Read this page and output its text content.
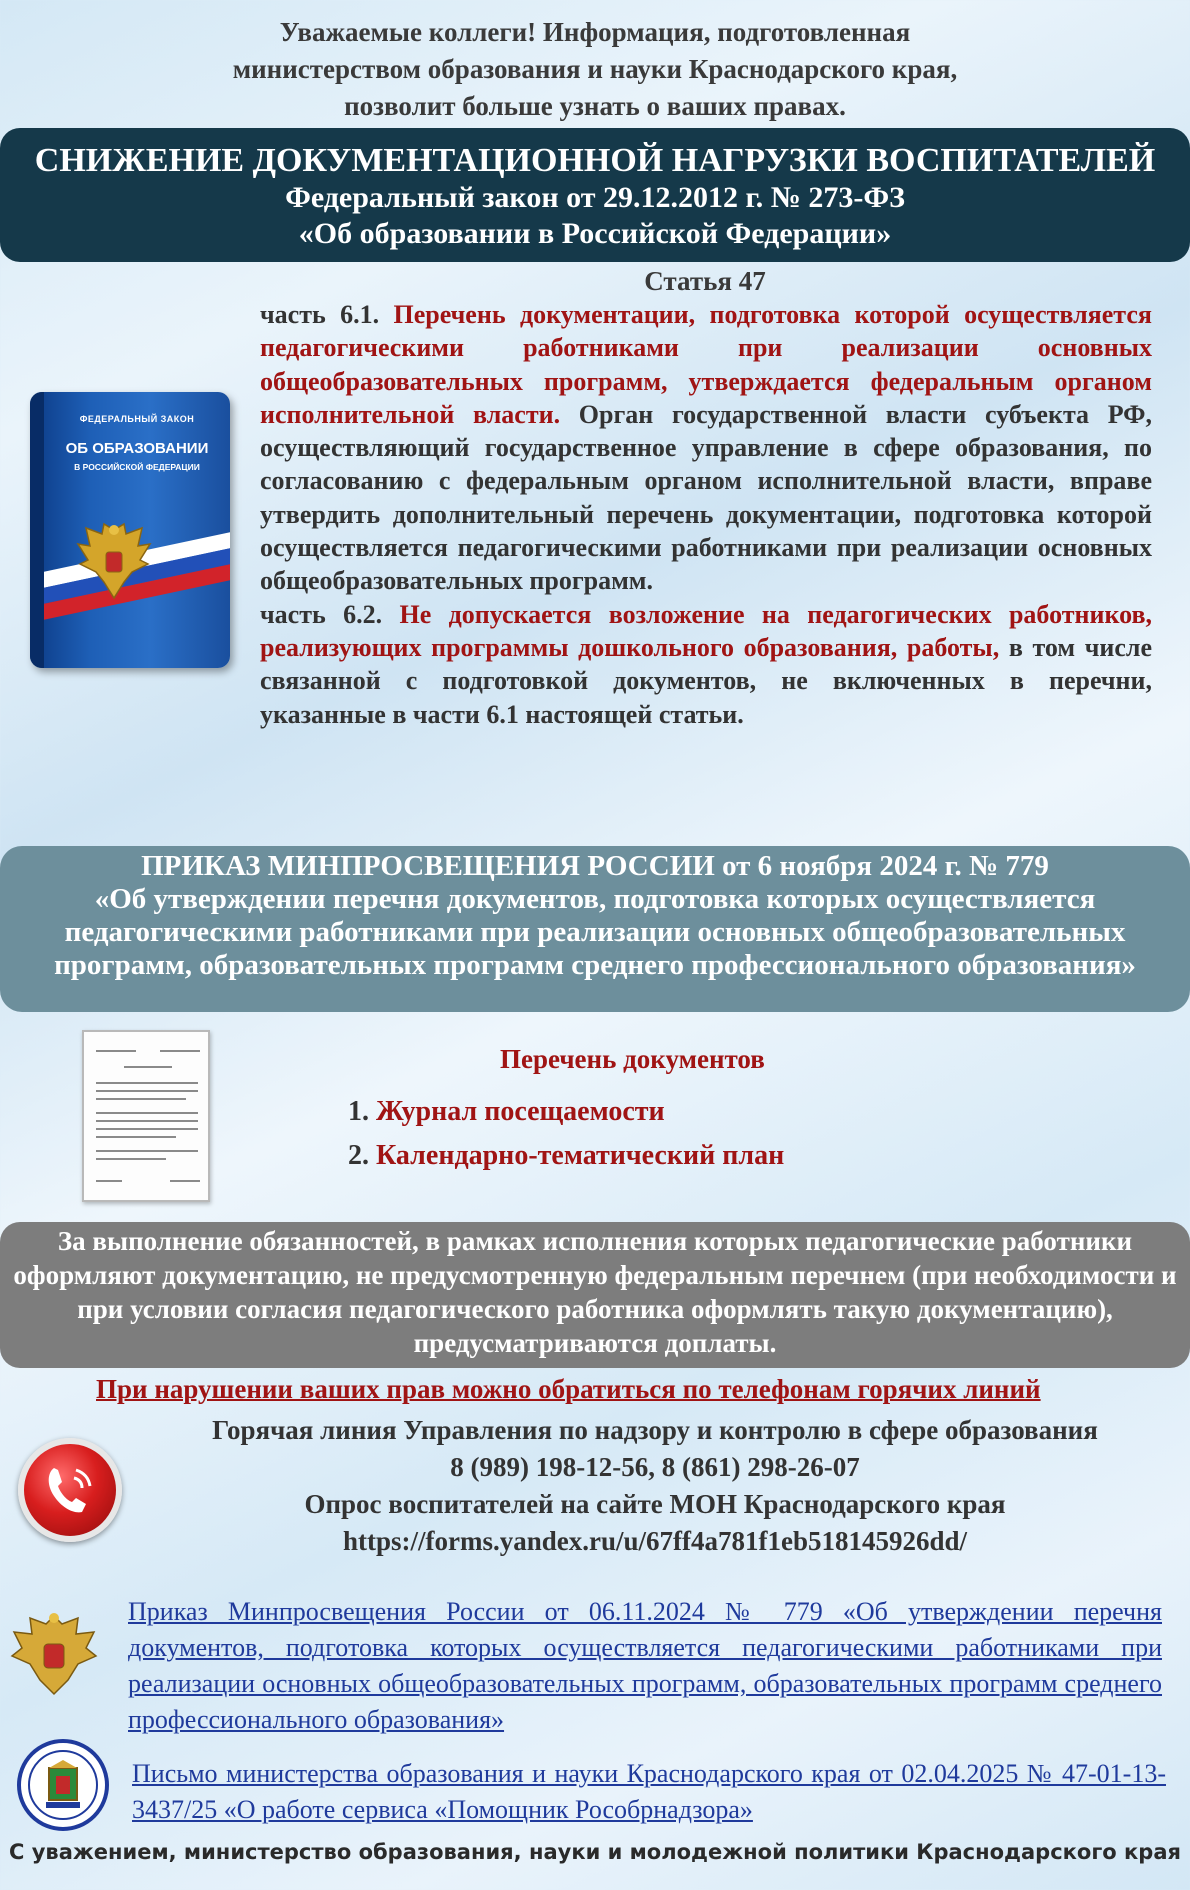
Уважаемые коллеги! Информация, подготовленная
министерством образования и науки Краснодарского края,
позволит больше узнать о ваших правах.
СНИЖЕНИЕ ДОКУМЕНТАЦИОННОЙ НАГРУЗКИ ВОСПИТАТЕЛЕЙ
Федеральный закон от 29.12.2012 г. № 273-ФЗ
«Об образовании в Российской Федерации»
Статья 47
ФЕДЕРАЛЬНЫЙ ЗАКОН
ОБ ОБРАЗОВАНИИ
В РОССИЙСКОЙ ФЕДЕРАЦИИ
часть 6.1. Перечень документации, подготовка которой осуществляется педагогическими работниками при реализации основных общеобразовательных программ, утверждается федеральным органом исполнительной власти. Орган государственной власти субъекта РФ, осуществляющий государственное управление в сфере образования, по согласованию с федеральным органом исполнительной власти, вправе утвердить дополнительный перечень документации, подготовка которой осуществляется педагогическими работниками при реализации основных общеобразовательных программ.
часть 6.2. Не допускается возложение на педагогических работников, реализующих программы дошкольного образования, работы, в том числе связанной с подготовкой документов, не включенных в перечни, указанные в части 6.1 настоящей статьи.
ПРИКАЗ МИНПРОСВЕЩЕНИЯ РОССИИ от 6 ноября 2024 г. № 779
«Об утверждении перечня документов, подготовка которых осуществляется педагогическими работниками при реализации основных общеобразовательных программ, образовательных программ среднего профессионального образования»
Перечень документов
1. Журнал посещаемости
2. Календарно-тематический план
За выполнение обязанностей, в рамках исполнения которых педагогические работники оформляют документацию, не предусмотренную федеральным перечнем (при необходимости и при условии согласия педагогического работника оформлять такую документацию), предусматриваются доплаты.
При нарушении ваших прав можно обратиться по телефонам горячих линий
Горячая линия Управления по надзору и контролю в сфере образования
8 (989) 198-12-56, 8 (861) 298-26-07
Опрос воспитателей на сайте МОН Краснодарского края
https://forms.yandex.ru/u/67ff4a781f1eb518145926dd/
Приказ Минпросвещения России от 06.11.2024 № 779 «Об утверждении перечня документов, подготовка которых осуществляется педагогическими работниками при реализации основных общеобразовательных программ, образовательных программ среднего профессионального образования»
Письмо министерства образования и науки Краснодарского края от 02.04.2025 № 47-01-13-3437/25 «О работе сервиса «Помощник Рособрнадзора»
С уважением, министерство образования, науки и молодежной политики Краснодарского края
